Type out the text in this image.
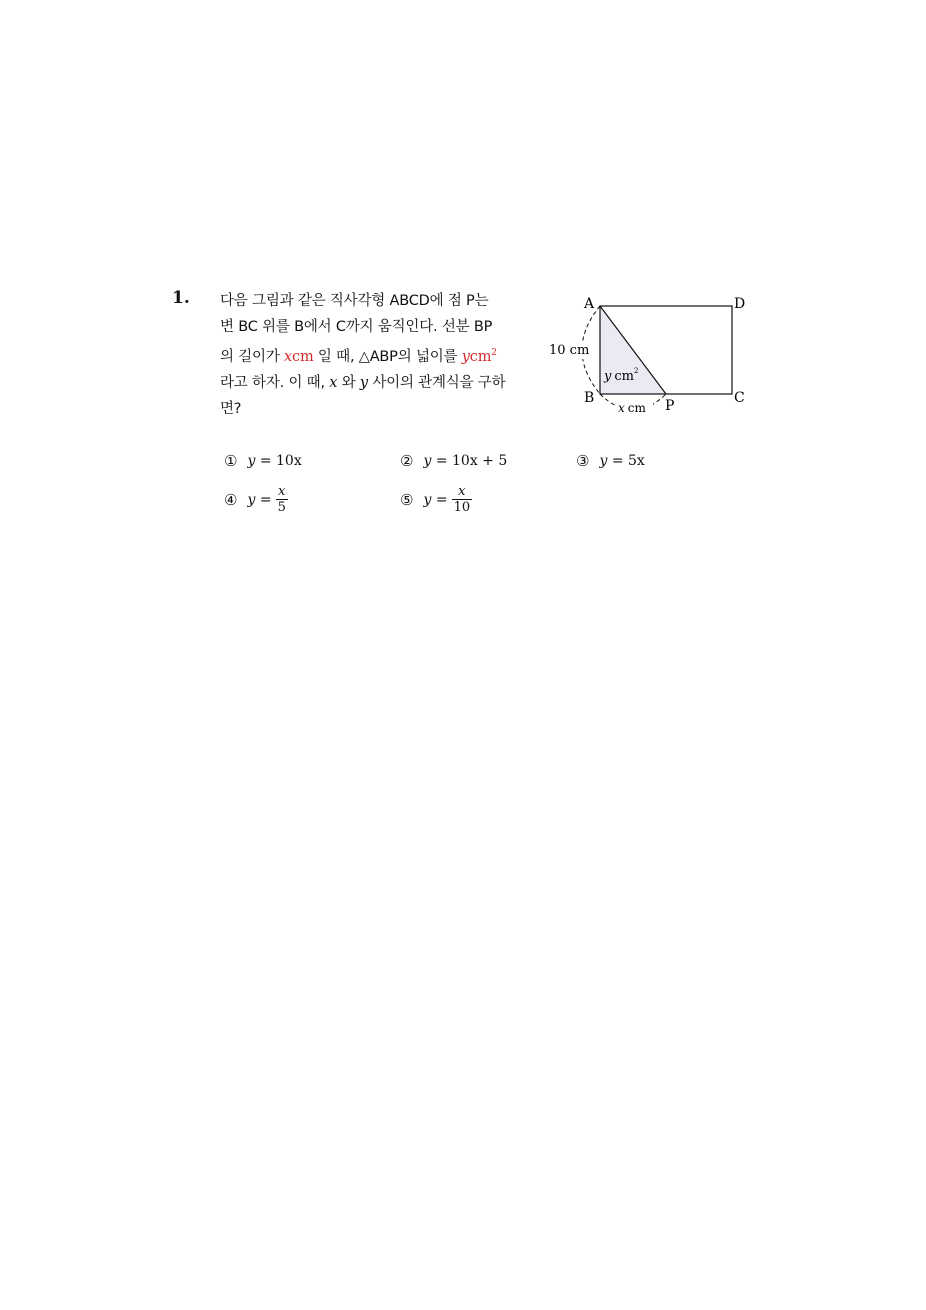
1. 다음 그림과 같은 직사각형 ABCD에 점 P는
변 BC 위를 B에서 C까지 움직인다. 선분 BP
의 길이가 xcm 일 때, △ABP의 넓이를 ycm$^2$
라고 하자. 이 때, x 와 y 사이의 관계식을 구하
면?
10 cm
A	D
B	C
P
x cm
y $cm^2$
① y
= 10x	② y
= 10x + 5	③ y
= 5x
④ y
= $\frac{x}{5}$	⑤ y
= $\frac{x}{10}$
